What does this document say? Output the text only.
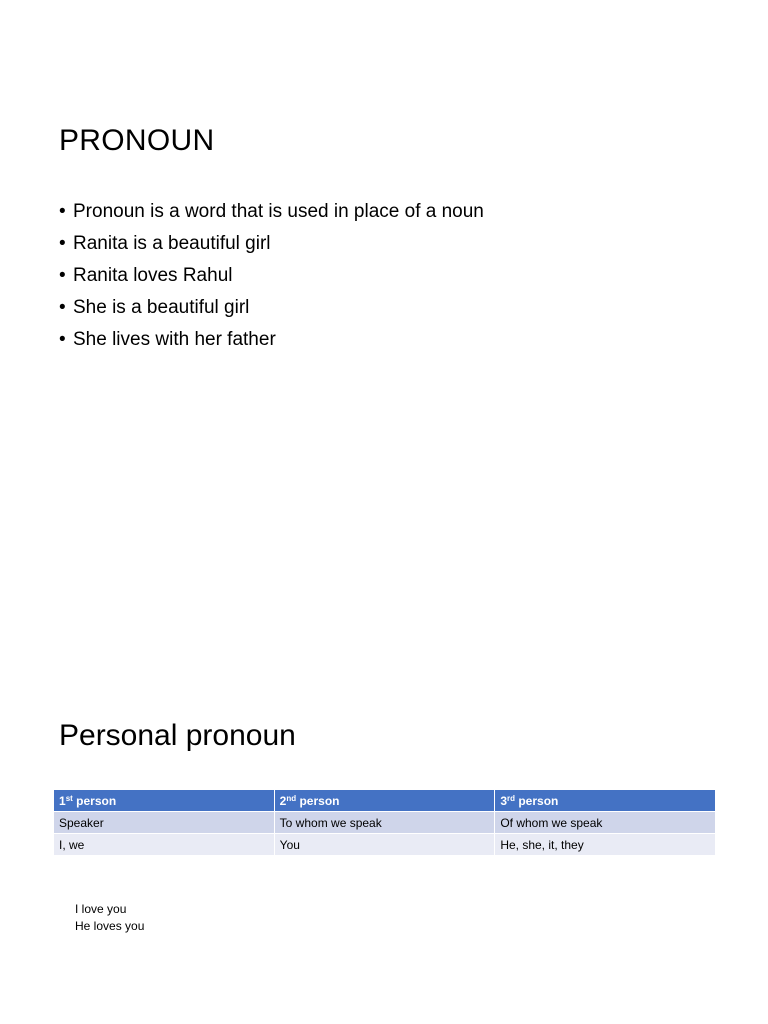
PRONOUN
• Pronoun is a word that is used in place of a noun
• Ranita is a beautiful girl
• Ranita loves Rahul
• She is a beautiful girl
• She lives with her father
Personal pronoun
1st person	2nd person	3rd person
Speaker	To whom we speak	Of whom we speak
I, we	You	He, she, it, they
I love you
He loves you
